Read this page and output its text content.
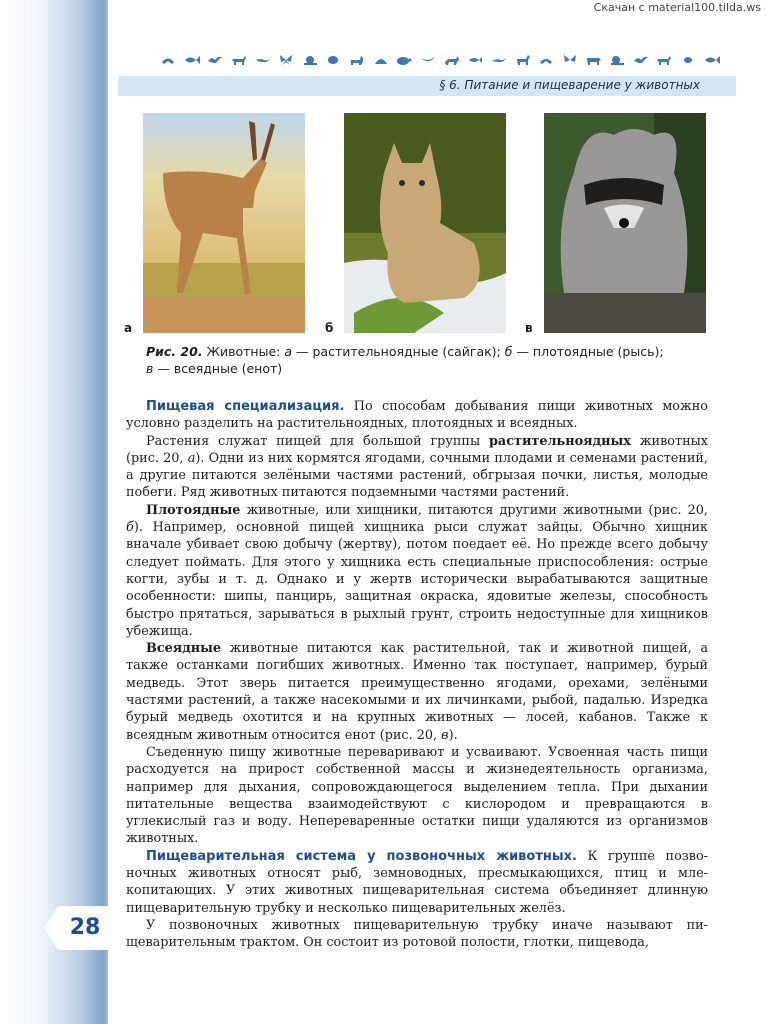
Скачан с material100.tilda.ws
§ 6. Питание и пищеварение у животных
а	б	в
Рис. 20. Животные: а — растительноядные (сайгак); б — плотоядные (рысь);
в — всеядные (енот)

Пищевая специализация. По способам добывания пищи животных можно условно разделить на растительноядных, плотоядных и всеядных.

Растения служат пищей для большой группы растительноядных животных (рис. 20, а). Одни из них кормятся ягодами, сочными плодами и семенами растений, а другие питаются зелёными частями растений, обгрызая почки, листья, молодые побеги. Ряд животных питаются подземными частями растений.

Плотоядные животные, или хищники, питаются другими животными (рис. 20, б). Например, основной пищей хищника рыси служат зайцы. Обычно хищник вначале убивает свою добычу (жертву), потом поедает её. Но прежде всего добычу следует поймать. Для этого у хищника есть специальные приспособления: острые когти, зубы и т. д. Однако и у жертв исторически вырабатываются защитные особенности: шипы, панцирь, защитная окраска, ядовитые железы, способность быстро прятаться, зарываться в рыхлый грунт, строить недоступные для хищников убежища.

Всеядные животные питаются как растительной, так и животной пищей, а также останками погибших животных. Именно так поступает, например, бурый медведь. Этот зверь питается преимущественно ягодами, орехами, зелёными частями растений, а также насекомыми и их личинками, рыбой, падалью. Изредка бурый медведь охотится и на крупных животных — лосей, кабанов. Также к всеядным животным относится енот (рис. 20, в).

Съеденную пищу животные переваривают и усваивают. Усвоенная часть пищи расходуется на прирост собственной массы и жизнедеятельность организма, например для дыхания, сопровождающегося выделением тепла. При дыхании питательные вещества взаимодействуют с кислородом и превращаются в углекислый газ и воду. Непереваренные остатки пищи удаляются из организмов животных.

Пищеварительная система у позвоночных животных. К группе позвоночных животных относят рыб, земноводных, пресмыкающихся, птиц и млекопитающих. У этих животных пищеварительная система объединяет длинную пищеварительную трубку и несколько пищеварительных желёз.

У позвоночных животных пищеварительную трубку иначе называют пищеварительным трактом. Он состоит из ротовой полости, глотки, пищевода,

28
